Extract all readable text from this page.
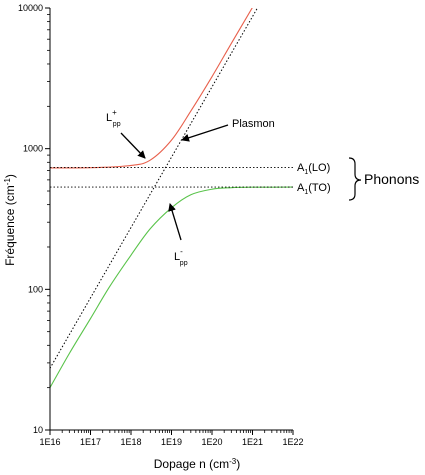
1E16 1E17 1E18 1E19 1E20 1E21 1E22
10
100
1000
10000
Dopage n $(cm^{-3})$
Fréquence $(cm^{-1})$
L+ pp
L-pp
Plasmon
$A_1(LO)$
$A_1(TO)$
Phonons
